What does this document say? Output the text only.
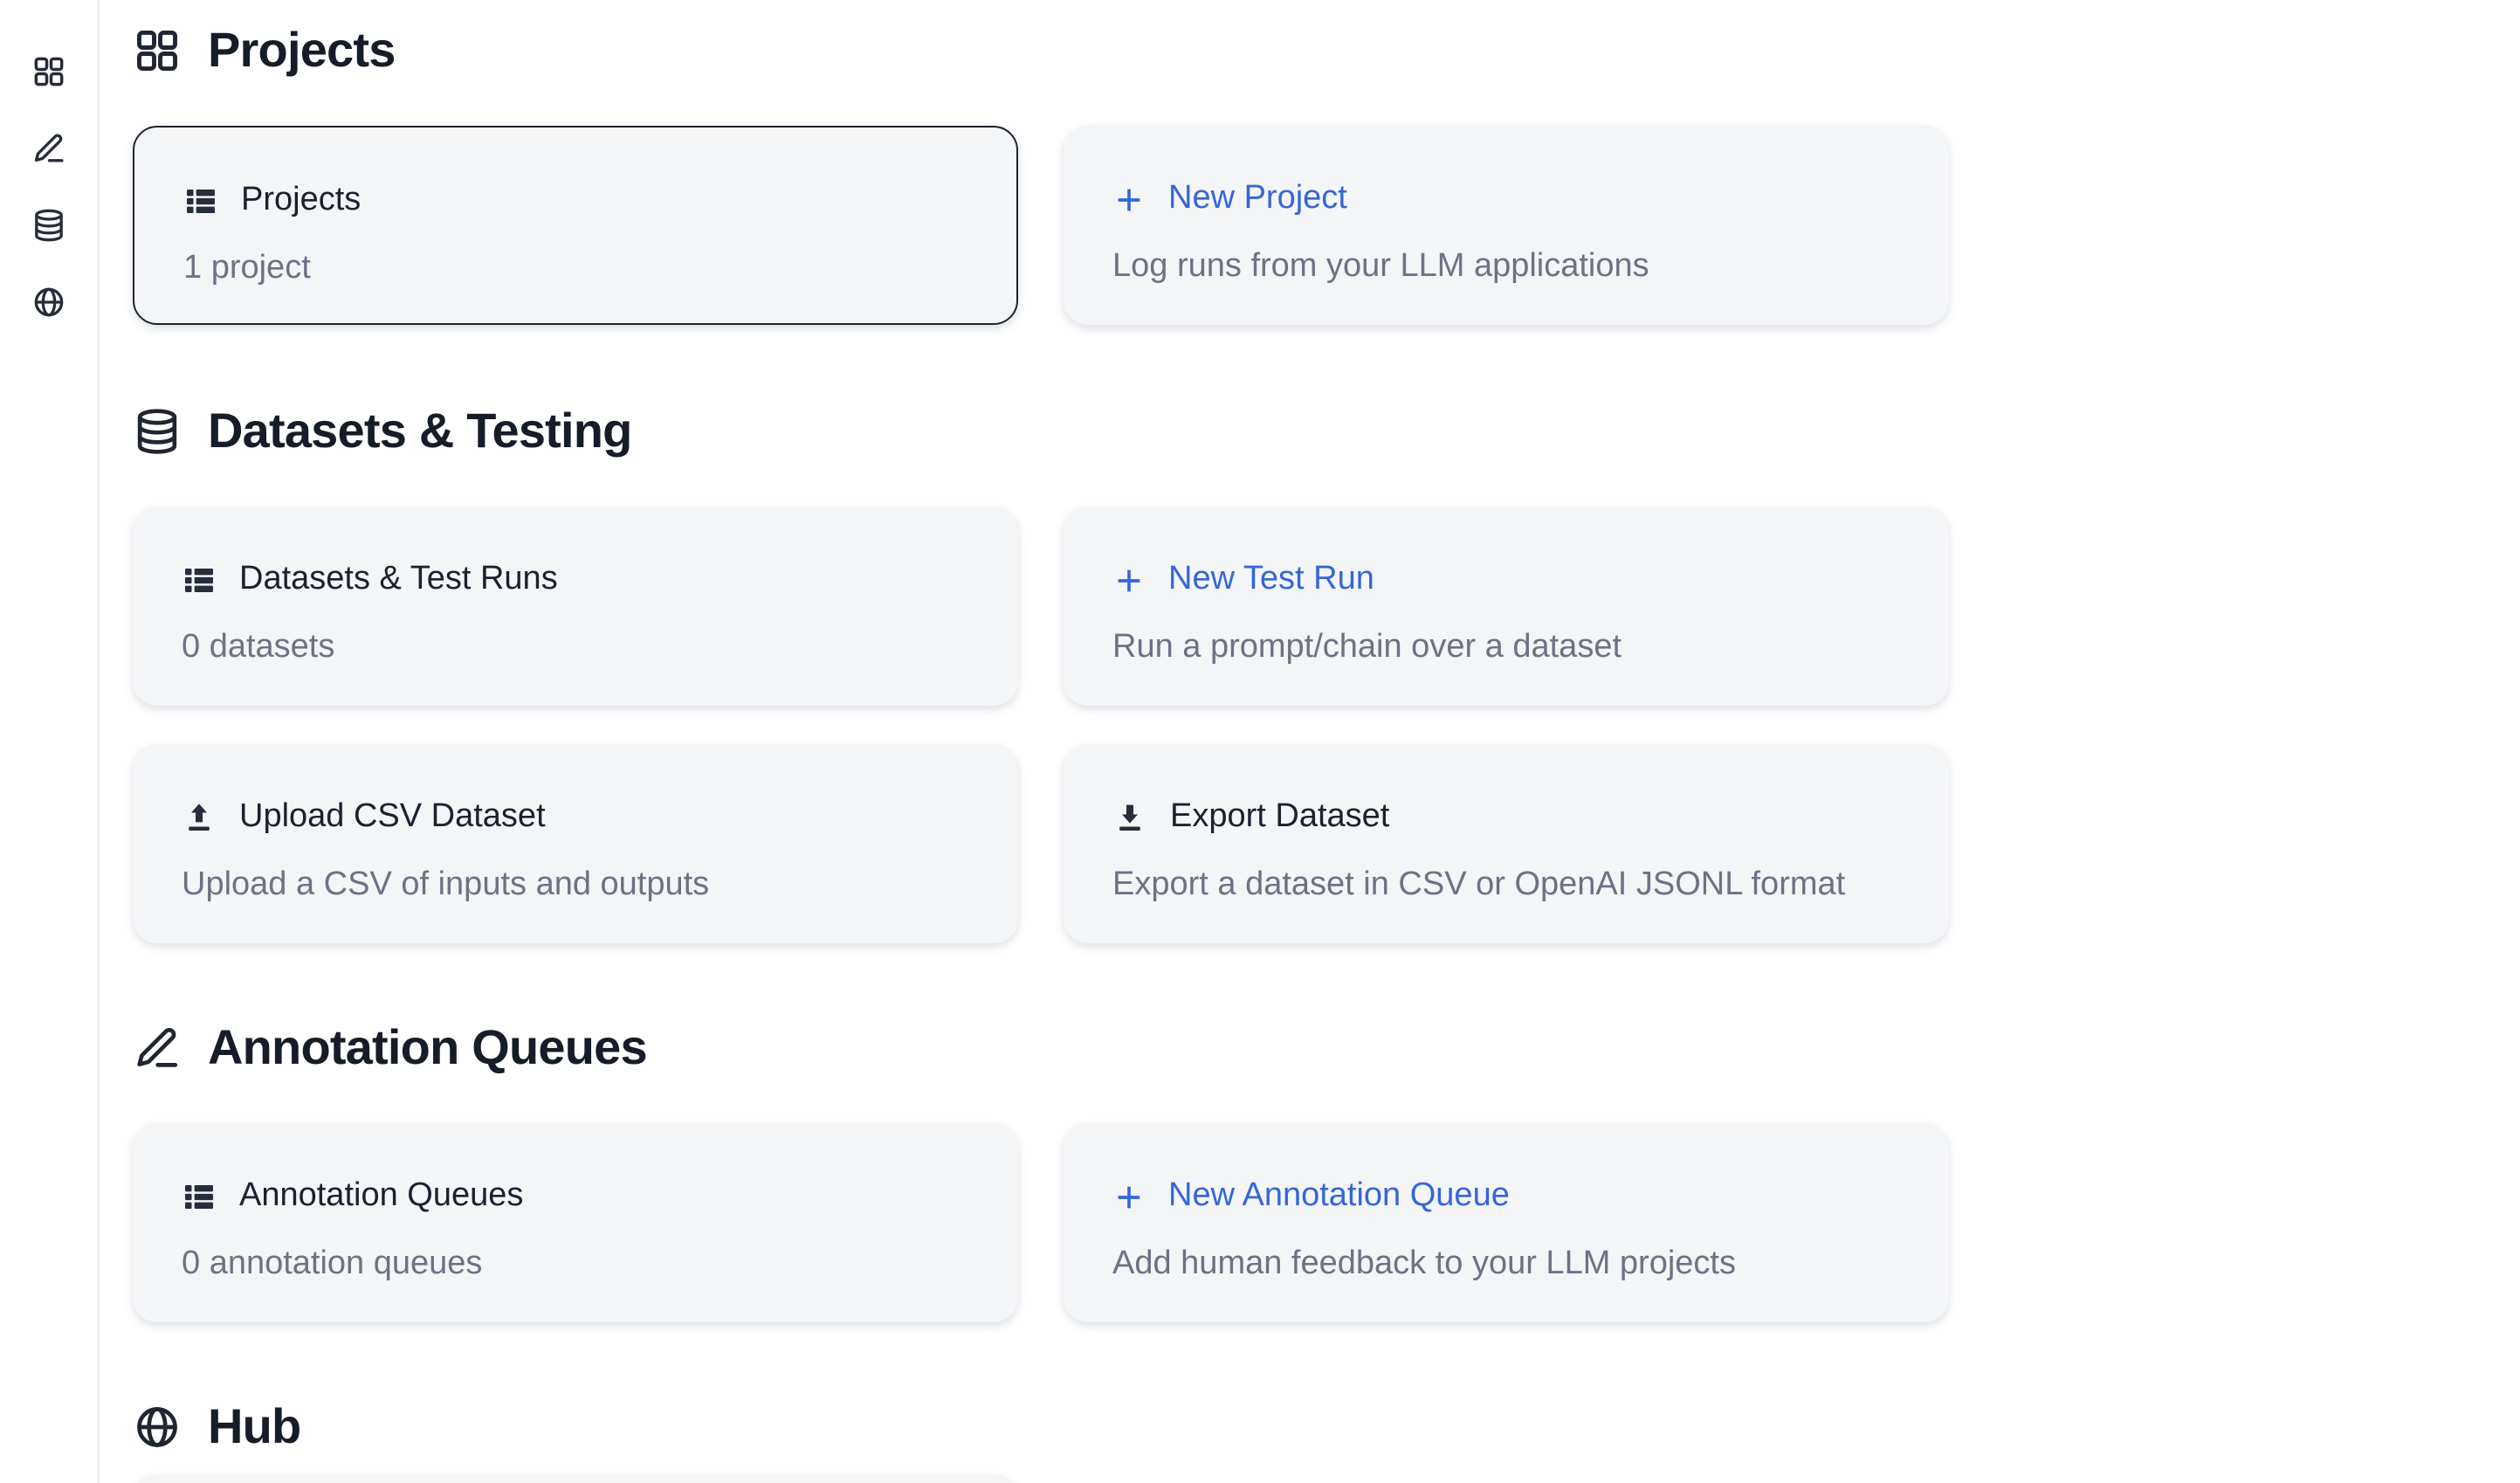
Projects
Projects
1 project
New Project
Log runs from your LLM applications
Datasets & Testing
Datasets & Test Runs
0 datasets
New Test Run
Run a prompt/chain over a dataset
Upload CSV Dataset
Upload a CSV of inputs and outputs
Export Dataset
Export a dataset in CSV or OpenAI JSONL format
Annotation Queues
Annotation Queues
0 annotation queues
New Annotation Queue
Add human feedback to your LLM projects
Hub
